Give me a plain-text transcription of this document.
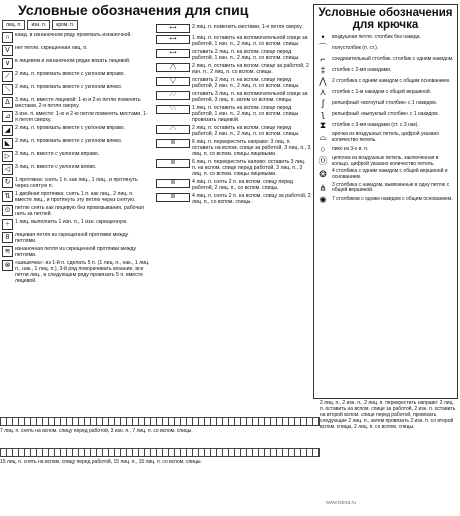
Условные обозначения для спиц
лиц. п.	изн. п.	кром. п.
∩ кажд. в изнаночном ряду провязать изнаночной.
V нет петли. скрещенная лиц. п.
∨ в лицевом и изнаночном рядах вязать лицевой.
⟋ 2 лиц. п. провязать вместе с уклоном вправо.
⟍ 2 лиц. п. провязать вместе с уклоном влево.
Δ 3 лиц. п. вместе лицевой: 1-ю и 2-ю петли поменять местами, 2-я петля сверху.
⊿ 3 изн. п. вместе: 1-ю и 2-ю петли поменять местами, 1-я петля сверху.
◢ 2 лиц. п. провязать вместе с уклоном вправо.
◣ 2 лиц. п. провязать вместе с уклоном влево.
▷ 3 лиц. п. вместе с уклоном вправо.
◁ 3 лиц. п. вместе с уклоном влево.
↻ 1 протяжка: снять 1 п. как лиц., 1 лиц., и протянуть через снятую п.
⇅ 1 двойная протяжка: снять 1 п. как лиц., 2 лиц. п. вместе лиц., и протянуть эту петлю через снятую.
⊙ петлю снять как лицевую без провязывания, рабочая нить за петлей.
÷	1 лиц. выполнить 1 изн. п., 1 изн. скрещенную.
8	лицевая петля из скрещенной протяжки между петлями.
≋ изнаночная петля из скрещенной протяжки между петлями.
⊗ «шишечка»: из 1-й п. сделать 5 п. (1 лиц. п., нак., 1 лиц. п., нак., 1 лиц. п.), 3-й ряд поворачивать вязание, все петли лиц., в следующем ряду провязать 5 п. вместе лицевой.
⟷	2 лиц. п. поменять местами, 1-я петля сверху.
⟷	1 лиц. п. оставить на вспомогательной спице за работой, 1 изн. п., 2 лиц. п. со вспом. спицы.
⟷	оставить 2 лиц. п. на вспом. спице перед работой, 1 изн. п., 2 лиц. п. со вспом. спицы.
╱╲	2 лиц. п. оставить на вспом. спице за работой, 2 изн. п., 2 лиц. п. со вспом. спицы.
╲╱	оставить 2 лиц. п. на вспом. спице перед работой, 2 изн. п., 2 лиц. п. со вспом. спицы.
⟋⟋	оставить 3 лиц. п. на вспомогательной спице за работой, 3 лиц. п. затем со вспом. спицы.
⟍⟍	1 лиц. п. оставить на вспом. спице перед работой, 1 изн. п., 2 лиц. п. со вспом. спицы провязать лицевой.
⟋⟍	2 лиц. п. оставить на вспом. спице перед работой, 2 изн. п., 2 лиц. п. со вспом. спицы.
‖‖	6 лиц. п. перекрестить направо: 3 лиц. п. оставить на вспом. спице за работой, 3 лиц. п., 3 лиц. п. со вспом. спицы лицевыми.
‖‖	6 лиц. п. перекрестить налево: оставить 3 лиц. п. на вспом. спице перед работой, 3 лиц. п., 3 лиц. п. со вспом. спицы лицевыми.
‖‖	4 лиц. п. снять 2 п. на вспом. спицу перед работой, 2 лиц. п., со вспом. спицы.
‖‖	4 лиц. п. снять 2 п. на вспом. спицу за работой, 2 лиц. п., со вспом. спицы.
Условные обозначения для крючка
•	воздушная петля. столбик без накида.
⌒ полустолбик (п. ст.).
⌐	соединительный столбик. столбик с одним накидом.
‡	столбик с 2-мя накидами.
⋀	2 столбика с одним накидом с общим основанием.
⋏	столбик с 1-м накидом с общей вершиной.
ʃ	рельефный «вогнутый столбик» с 1 накидом.
ʅ	рельефный «выпуклый столбик» с 1 накидом.
⧗	столбик с 3-мя накидами (ст. с 3 нак).
⌓	арочка из воздушных петель, цифрой указано количество петель.
○	пико из 3-х в. п.
⓪ цепочка из воздушных петель, заключенная в кольцо, цифрой указано количество петель.
❂	4 столбика с одним накидом с общей вершиной и основанием.
⋔	3 столбика с накидом, вывязанные в одну петлю с общей вершиной.
✺	7 столбиков с одним накидом с общим основанием.
7 лиц. п. снять на вспом. спицу перед работой, 3 изн. п., 7 лиц. п. со вспом. спицы.
15 лиц. п. снять на вспом. спицу перед работой, 15 лиц. п., 15 лиц. п. со вспом. спицы.
2 лиц. п., 2 изн. п., 2 лиц. п. перекрестить направо: 2 лиц. п. оставить на вспом. спице за работой, 2 изн. п. оставить на второй вспом. спице перед работой, провязать следующие 2 лиц. п., затем провязать 2 изн. п. со второй вспом. спицы, 2 лиц. п. со вспом. спицы.
www.tsiora.ru
